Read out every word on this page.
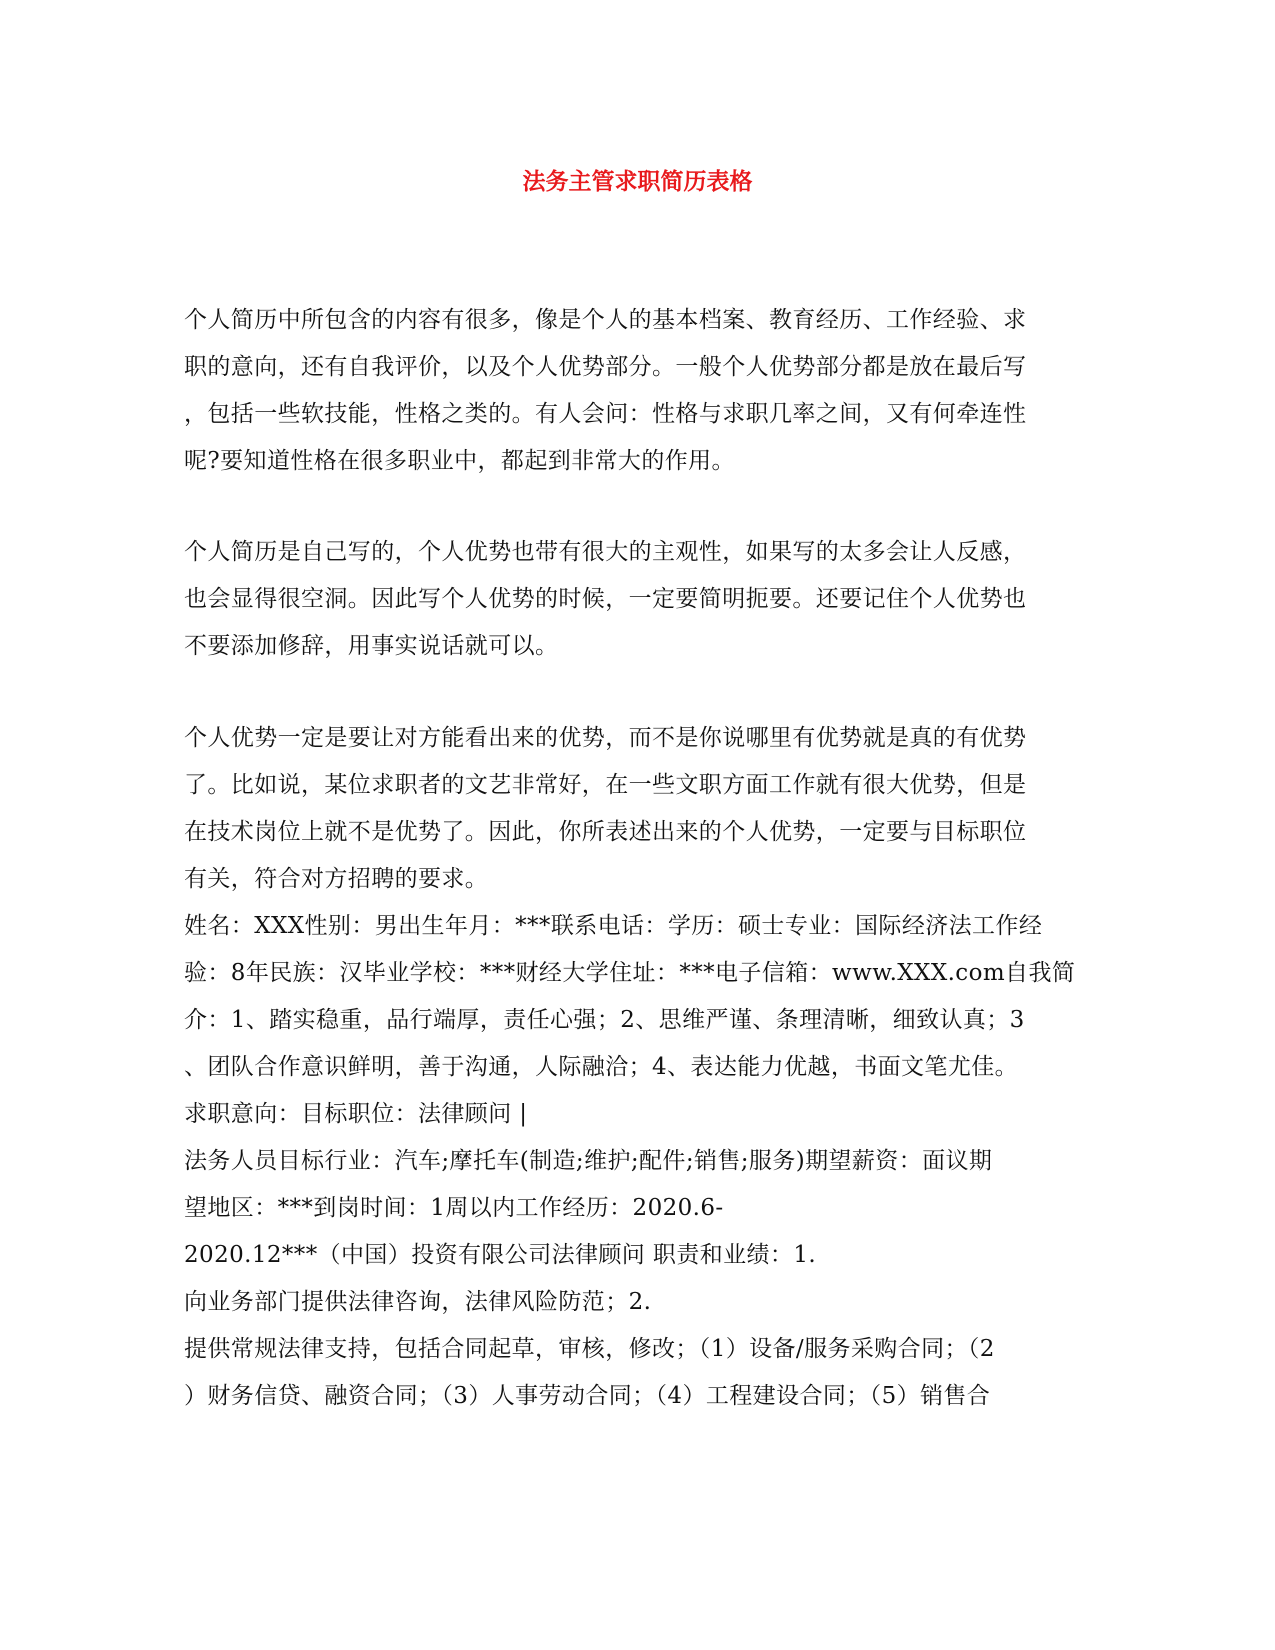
法务主管求职简历表格
个人简历中所包含的内容有很多，像是个人的基本档案、教育经历、工作经验、求
职的意向，还有自我评价，以及个人优势部分。一般个人优势部分都是放在最后写
，包括一些软技能，性格之类的。有人会问：性格与求职几率之间，又有何牵连性
呢?要知道性格在很多职业中，都起到非常大的作用。
个人简历是自己写的，个人优势也带有很大的主观性，如果写的太多会让人反感，
也会显得很空洞。因此写个人优势的时候，一定要简明扼要。还要记住个人优势也
不要添加修辞，用事实说话就可以。
个人优势一定是要让对方能看出来的优势，而不是你说哪里有优势就是真的有优势
了。比如说，某位求职者的文艺非常好，在一些文职方面工作就有很大优势，但是
在技术岗位上就不是优势了。因此，你所表述出来的个人优势，一定要与目标职位
有关，符合对方招聘的要求。
姓名：XXX性别：男出生年月：***联系电话：学历：硕士专业：国际经济法工作经
验：8年民族：汉毕业学校：***财经大学住址：***电子信箱：www.XXX.com自我简
介：1、踏实稳重，品行端厚，责任心强；2、思维严谨、条理清晰，细致认真；3
、团队合作意识鲜明，善于沟通，人际融洽；4、表达能力优越，书面文笔尤佳。
求职意向：目标职位：法律顾问 |
法务人员目标行业：汽车;摩托车(制造;维护;配件;销售;服务)期望薪资：面议期
望地区：***到岗时间：1周以内工作经历：2020.6-
2020.12***（中国）投资有限公司法律顾问 职责和业绩：1.
向业务部门提供法律咨询，法律风险防范；2.
提供常规法律支持，包括合同起草，审核，修改；（1）设备/服务采购合同；（2
）财务信贷、融资合同；（3）人事劳动合同；（4）工程建设合同；（5）销售合
